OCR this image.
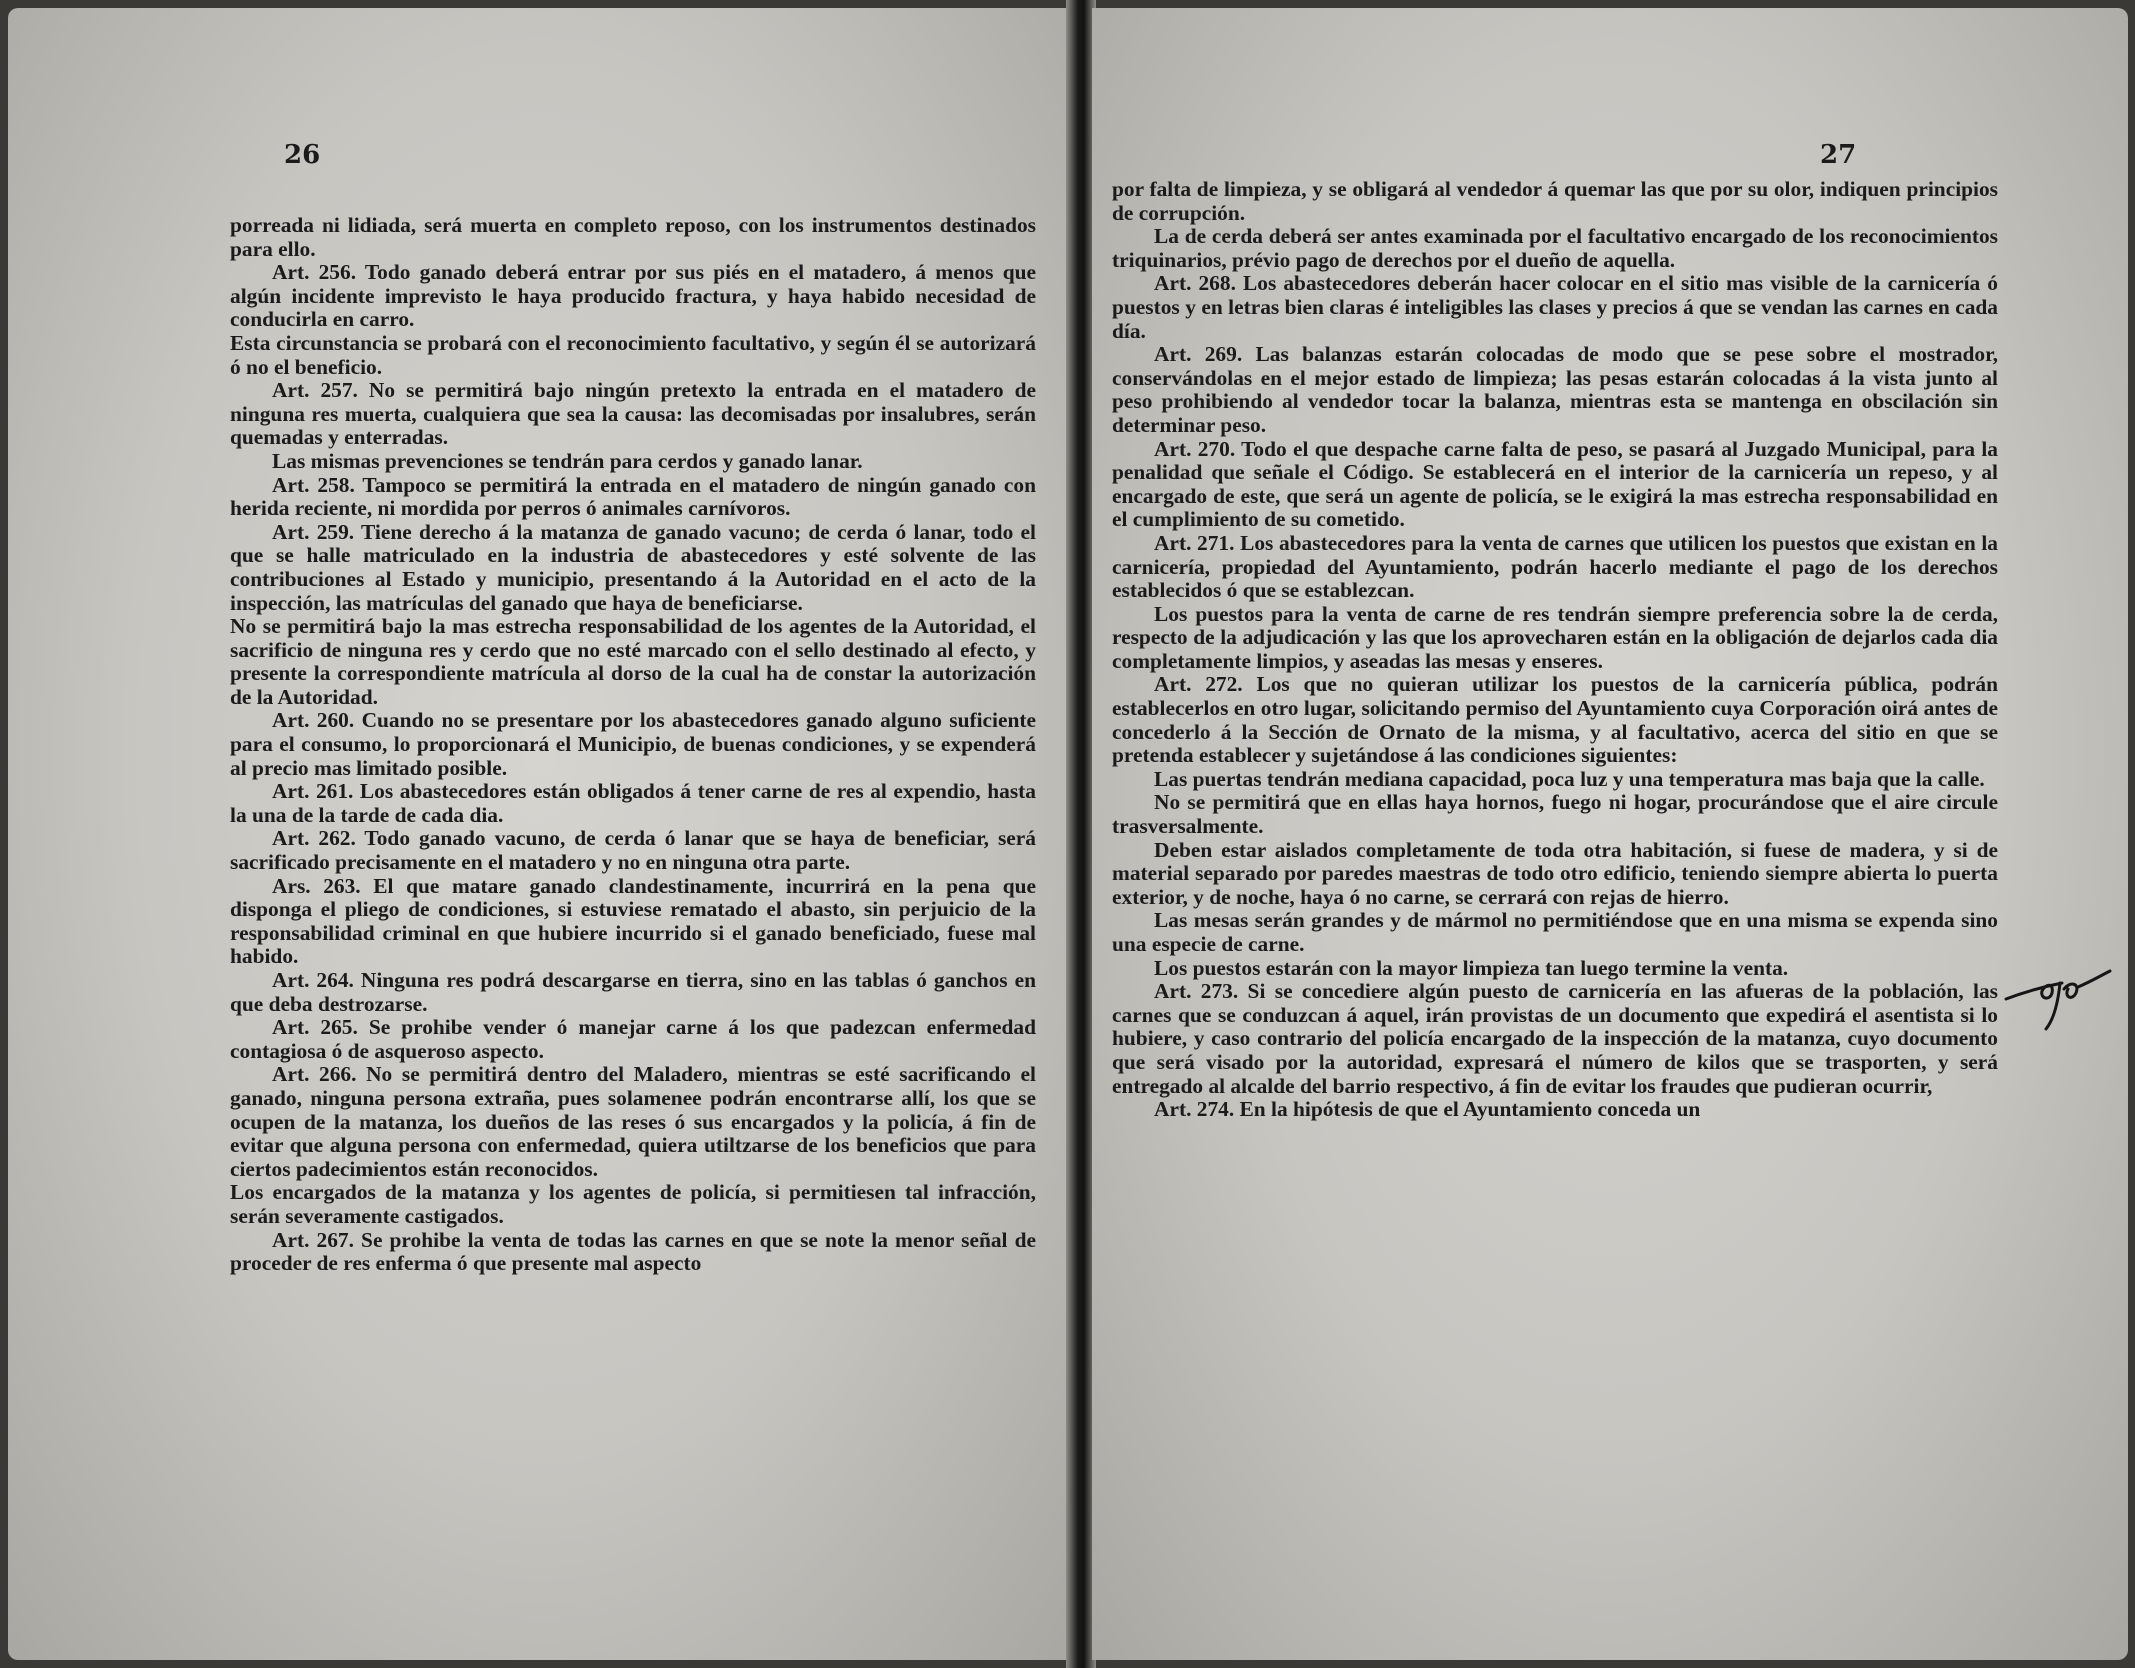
26

porreada ni lidiada, será muerta en completo reposo, con los instrumentos destinados para ello.

Art. 256. Todo ganado deberá entrar por sus piés en el matadero, á menos que algún incidente imprevisto le haya producido fractura, y haya habido necesidad de conducirla en carro.

Esta circunstancia se probará con el reconocimiento facultativo, y según él se autorizará ó no el beneficio.

Art. 257. No se permitirá bajo ningún pretexto la entrada en el matadero de ninguna res muerta, cualquiera que sea la causa: las decomisadas por insalubres, serán quemadas y enterradas.

Las mismas prevenciones se tendrán para cerdos y ganado lanar.

Art. 258. Tampoco se permitirá la entrada en el matadero de ningún ganado con herida reciente, ni mordida por perros ó animales carnívoros.

Art. 259. Tiene derecho á la matanza de ganado vacuno; de cerda ó lanar, todo el que se halle matriculado en la industria de abastecedores y esté solvente de las contribuciones al Estado y municipio, presentando á la Autoridad en el acto de la inspección, las matrículas del ganado que haya de beneficiarse.

No se permitirá bajo la mas estrecha responsabilidad de los agentes de la Autoridad, el sacrificio de ninguna res y cerdo que no esté marcado con el sello destinado al efecto, y presente la correspondiente matrícula al dorso de la cual ha de constar la autorización de la Autoridad.

Art. 260. Cuando no se presentare por los abastecedores ganado alguno suficiente para el consumo, lo proporcionará el Municipio, de buenas condiciones, y se expenderá al precio mas limitado posible.

Art. 261. Los abastecedores están obligados á tener carne de res al expendio, hasta la una de la tarde de cada dia.

Art. 262. Todo ganado vacuno, de cerda ó lanar que se haya de beneficiar, será sacrificado precisamente en el matadero y no en ninguna otra parte.

Ars. 263. El que matare ganado clandestinamente, incurrirá en la pena que disponga el pliego de condiciones, si estuviese rematado el abasto, sin perjuicio de la responsabilidad criminal en que hubiere incurrido si el ganado beneficiado, fuese mal habido.

Art. 264. Ninguna res podrá descargarse en tierra, sino en las tablas ó ganchos en que deba destrozarse.

Art. 265. Se prohibe vender ó manejar carne á los que padezcan enfermedad contagiosa ó de asqueroso aspecto.

Art. 266. No se permitirá dentro del Maladero, mientras se esté sacrificando el ganado, ninguna persona extraña, pues solamenee podrán encontrarse allí, los que se ocupen de la matanza, los dueños de las reses ó sus encargados y la policía, á fin de evitar que alguna persona con enfermedad, quiera utiltzarse de los beneficios que para ciertos padecimientos están reconocidos.

Los encargados de la matanza y los agentes de policía, si permitiesen tal infracción, serán severamente castigados.

Art. 267. Se prohibe la venta de todas las carnes en que se note la menor señal de proceder de res enferma ó que presente mal aspecto

27

por falta de limpieza, y se obligará al vendedor á quemar las que por su olor, indiquen principios de corrupción.

La de cerda deberá ser antes examinada por el facultativo encargado de los reconocimientos triquinarios, prévio pago de derechos por el dueño de aquella.

Art. 268. Los abastecedores deberán hacer colocar en el sitio mas visible de la carnicería ó puestos y en letras bien claras é inteligibles las clases y precios á que se vendan las carnes en cada día.

Art. 269. Las balanzas estarán colocadas de modo que se pese sobre el mostrador, conservándolas en el mejor estado de limpieza; las pesas estarán colocadas á la vista junto al peso prohibiendo al vendedor tocar la balanza, mientras esta se mantenga en obscilación sin determinar peso.

Art. 270. Todo el que despache carne falta de peso, se pasará al Juzgado Municipal, para la penalidad que señale el Código. Se establecerá en el interior de la carnicería un repeso, y al encargado de este, que será un agente de policía, se le exigirá la mas estrecha responsabilidad en el cumplimiento de su cometido.

Art. 271. Los abastecedores para la venta de carnes que utilicen los puestos que existan en la carnicería, propiedad del Ayuntamiento, podrán hacerlo mediante el pago de los derechos establecidos ó que se establezcan.

Los puestos para la venta de carne de res tendrán siempre preferencia sobre la de cerda, respecto de la adjudicación y las que los aprovecharen están en la obligación de dejarlos cada dia completamente limpios, y aseadas las mesas y enseres.

Art. 272. Los que no quieran utilizar los puestos de la carnicería pública, podrán establecerlos en otro lugar, solicitando permiso del Ayuntamiento cuya Corporación oirá antes de concederlo á la Sección de Ornato de la misma, y al facultativo, acerca del sitio en que se pretenda establecer y sujetándose á las condiciones siguientes:

Las puertas tendrán mediana capacidad, poca luz y una temperatura mas baja que la calle.

No se permitirá que en ellas haya hornos, fuego ni hogar, procurándose que el aire circule trasversalmente.

Deben estar aislados completamente de toda otra habitación, si fuese de madera, y si de material separado por paredes maestras de todo otro edificio, teniendo siempre abierta lo puerta exterior, y de noche, haya ó no carne, se cerrará con rejas de hierro.

Las mesas serán grandes y de mármol no permitiéndose que en una misma se expenda sino una especie de carne.

Los puestos estarán con la mayor limpieza tan luego termine la venta.

Art. 273. Si se concediere algún puesto de carnicería en las afueras de la población, las carnes que se conduzcan á aquel, irán provistas de un documento que expedirá el asentista si lo hubiere, y caso contrario del policía encargado de la inspección de la matanza, cuyo documento que será visado por la autoridad, expresará el número de kilos que se trasporten, y será entregado al alcalde del barrio respectivo, á fin de evitar los fraudes que pudieran ocurrir,

Art. 274. En la hipótesis de que el Ayuntamiento conceda un
